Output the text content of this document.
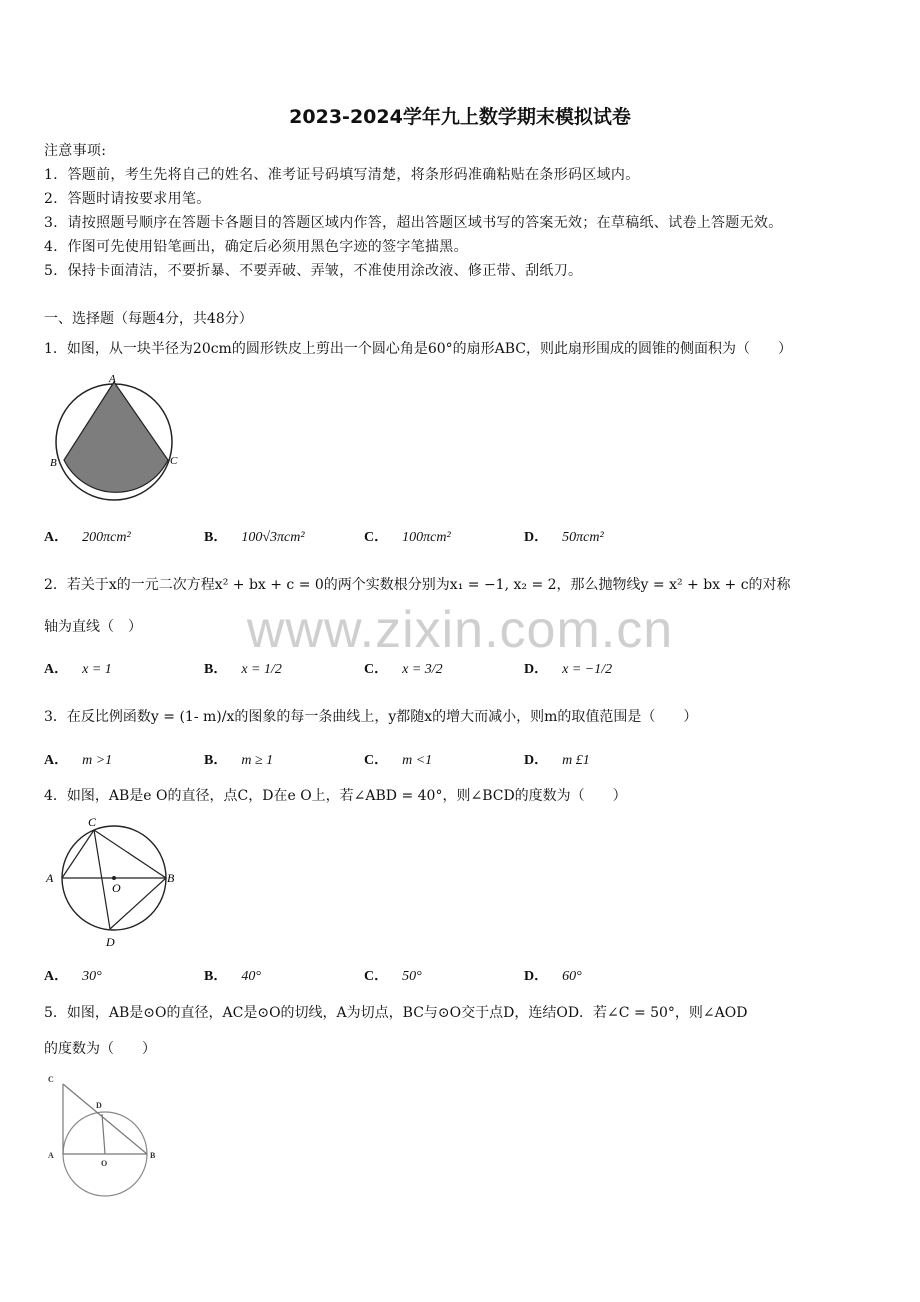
2023-2024学年九上数学期末模拟试卷
注意事项:
1．答题前，考生先将自己的姓名、准考证号码填写清楚，将条形码准确粘贴在条形码区域内。
2．答题时请按要求用笔。
3．请按照题号顺序在答题卡各题目的答题区域内作答，超出答题区域书写的答案无效；在草稿纸、试卷上答题无效。
4．作图可先使用铅笔画出，确定后必须用黑色字迹的签字笔描黑。
5．保持卡面清洁，不要折暴、不要弄破、弄皱，不准使用涂改液、修正带、刮纸刀。
一、选择题（每题4分，共48分）
1．如图，从一块半径为20cm的圆形铁皮上剪出一个圆心角是60°的扇形ABC，则此扇形围成的圆锥的侧面积为（　　）
A
B	C
A． 200πcm²	B． 100√3πcm²	C． 100πcm²	D． 50πcm²
2．若关于x的一元二次方程x² + bx + c = 0的两个实数根分别为x₁ = −1, x₂ = 2，那么抛物线y = x² + bx + c的对称
轴为直线（　）	www.zixin.com.cn
A． x = 1	B． x = 1/2	C． x = 3/2	D． x = −1/2
3．在反比例函数y = (1- m)/x的图象的每一条曲线上，y都随x的增大而减小，则m的取值范围是（　　）
A． m >1	B． m ≥ 1	C． m <1	D． m £1
4．如图，AB是e O的直径，点C，D在e O上，若∠ABD = 40°，则∠BCD的度数为（　　）
C
A
O
B
D
A． 30°	B． 40°	C． 50°	D． 60°
5．如图，AB是⊙O的直径，AC是⊙O的切线，A为切点，BC与⊙O交于点D，连结OD．若∠C = 50°，则∠AOD
的度数为（　　）
C
D
A
O
B
